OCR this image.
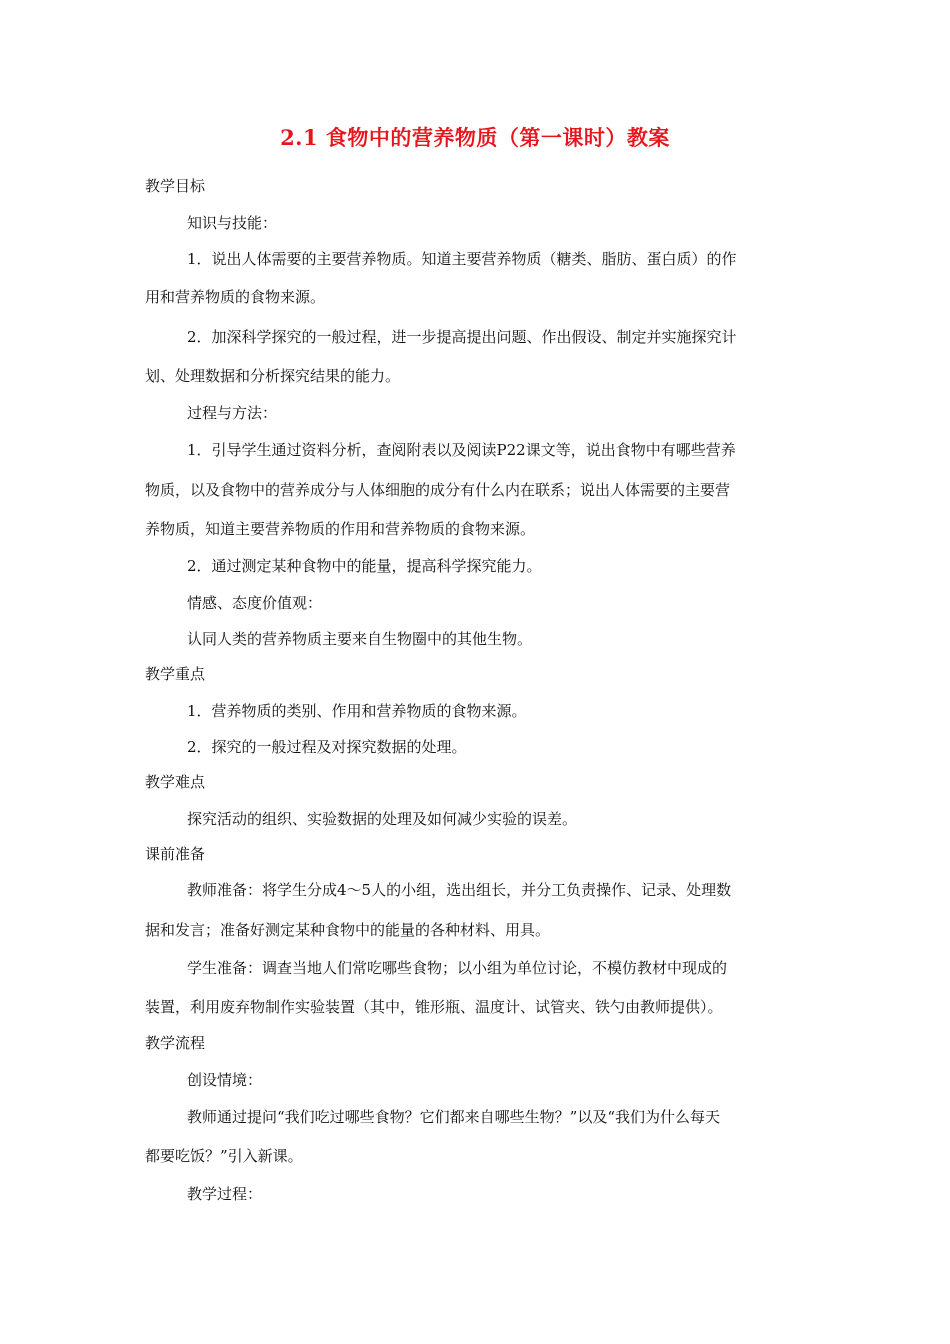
2.1 食物中的营养物质（第一课时）教案
教学目标
知识与技能：
1．说出人体需要的主要营养物质。知道主要营养物质（糖类、脂肪、蛋白质）的作
用和营养物质的食物来源。
2．加深科学探究的一般过程，进一步提高提出问题、作出假设、制定并实施探究计
划、处理数据和分析探究结果的能力。
过程与方法：
1．引导学生通过资料分析，查阅附表以及阅读P22课文等，说出食物中有哪些营养
物质，以及食物中的营养成分与人体细胞的成分有什么内在联系；说出人体需要的主要营
养物质，知道主要营养物质的作用和营养物质的食物来源。
2．通过测定某种食物中的能量，提高科学探究能力。
情感、态度价值观：
认同人类的营养物质主要来自生物圈中的其他生物。
教学重点
1．营养物质的类别、作用和营养物质的食物来源。
2．探究的一般过程及对探究数据的处理。
教学难点
探究活动的组织、实验数据的处理及如何减少实验的误差。
课前准备
教师准备：将学生分成4～5人的小组，选出组长，并分工负责操作、记录、处理数
据和发言；准备好测定某种食物中的能量的各种材料、用具。
学生准备：调查当地人们常吃哪些食物；以小组为单位讨论，不模仿教材中现成的
装置，利用废弃物制作实验装置（其中，锥形瓶、温度计、试管夹、铁勺由教师提供）。
教学流程
创设情境：
教师通过提问“我们吃过哪些食物？它们都来自哪些生物？”以及“我们为什么每天
都要吃饭？”引入新课。
教学过程：
